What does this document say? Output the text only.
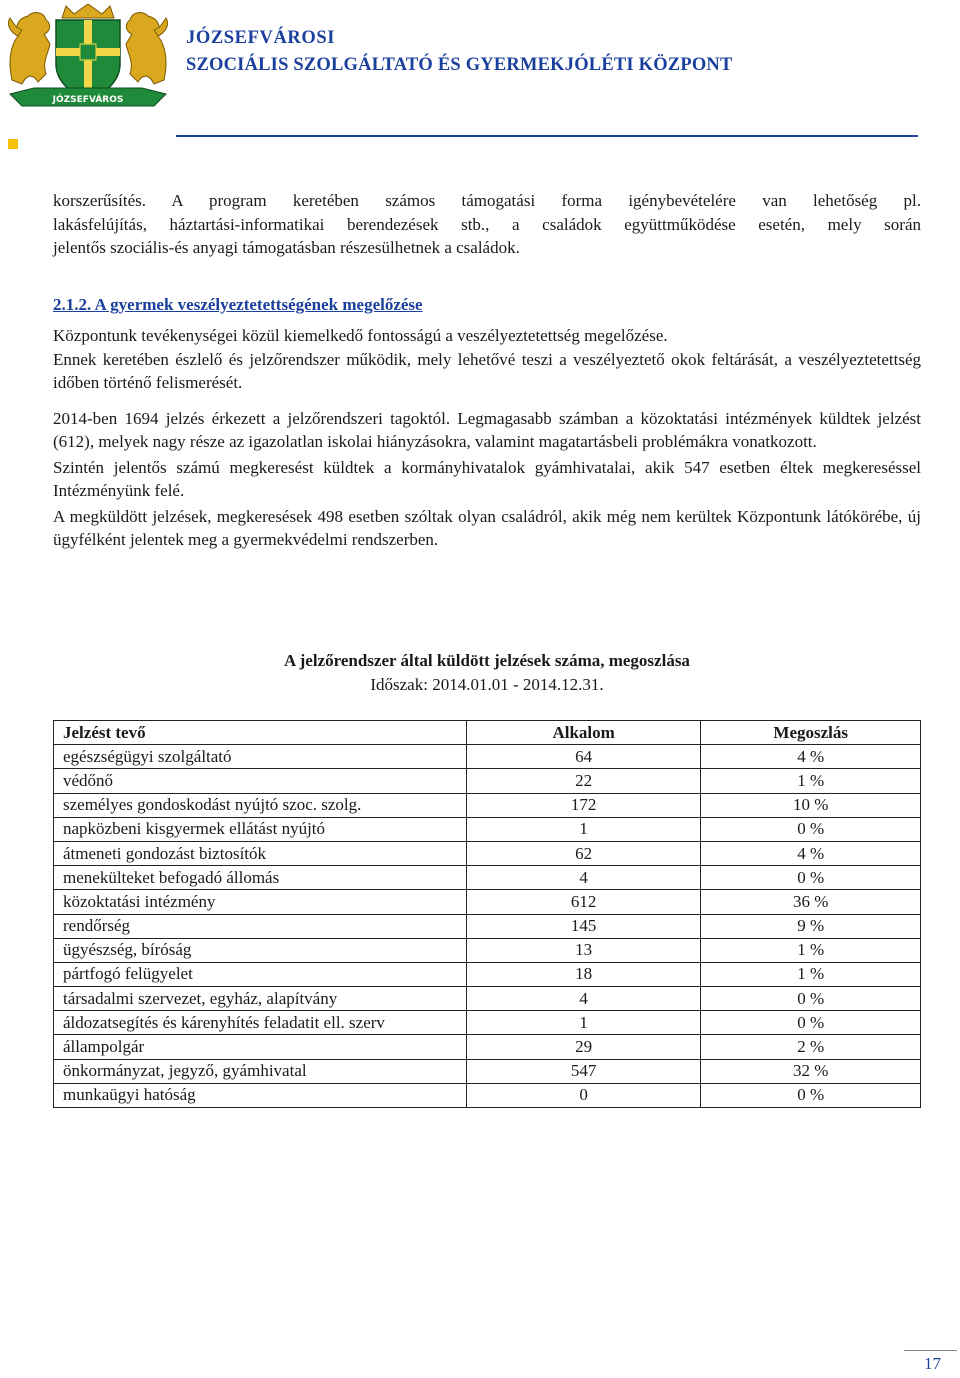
JÓZSEFVÁROS

JÓZSEFVÁROSI

SZOCIÁLIS SZOLGÁLTATÓ ÉS GYERMEKJÓLÉTI KÖZPONT

korszerűsítés. A program keretében számos támogatási forma igénybevételére van lehetőség pl.

lakásfelújítás, háztartási-informatikai berendezések stb., a családok együttműködése esetén, mely során

jelentős szociális-és anyagi támogatásban részesülhetnek a családok.

2.1.2. A gyermek veszélyeztetettségének megelőzése

Központunk tevékenységei közül kiemelkedő fontosságú a veszélyeztetettség megelőzése.

Ennek keretében észlelő és jelzőrendszer működik, mely lehetővé teszi a veszélyeztető okok feltárását, a veszélyeztetettség időben történő felismerését.

2014-ben 1694 jelzés érkezett a jelzőrendszeri tagoktól. Legmagasabb számban a közoktatási intézmények küldtek jelzést (612), melyek nagy része az igazolatlan iskolai hiányzásokra, valamint magatartásbeli problémákra vonatkozott.

Szintén jelentős számú megkeresést küldtek a kormányhivatalok gyámhivatalai, akik 547 esetben éltek megkereséssel Intézményünk felé.

A megküldött jelzések, megkeresések 498 esetben szóltak olyan családról, akik még nem kerültek Központunk látókörébe, új ügyfélként jelentek meg a gyermekvédelmi rendszerben.

A jelzőrendszer által küldött jelzések száma, megoszlása

Időszak: 2014.01.01 - 2014.12.31.

Jelzést tevő	Alkalom	Megoszlás
egészségügyi szolgáltató	64	4 %
védőnő	22	1 %
személyes gondoskodást nyújtó szoc. szolg.	172	10 %
napközbeni kisgyermek ellátást nyújtó	1	0 %
átmeneti gondozást biztosítók	62	4 %
menekülteket befogadó állomás	4	0 %
közoktatási intézmény	612	36 %
rendőrség	145	9 %
ügyészség, bíróság	13	1 %
pártfogó felügyelet	18	1 %
társadalmi szervezet, egyház, alapítvány	4	0 %
áldozatsegítés és kárenyhítés feladatit ell. szerv	1	0 %
állampolgár	29	2 %
önkormányzat, jegyző, gyámhivatal	547	32 %
munkaügyi hatóság	0	0 %

17
